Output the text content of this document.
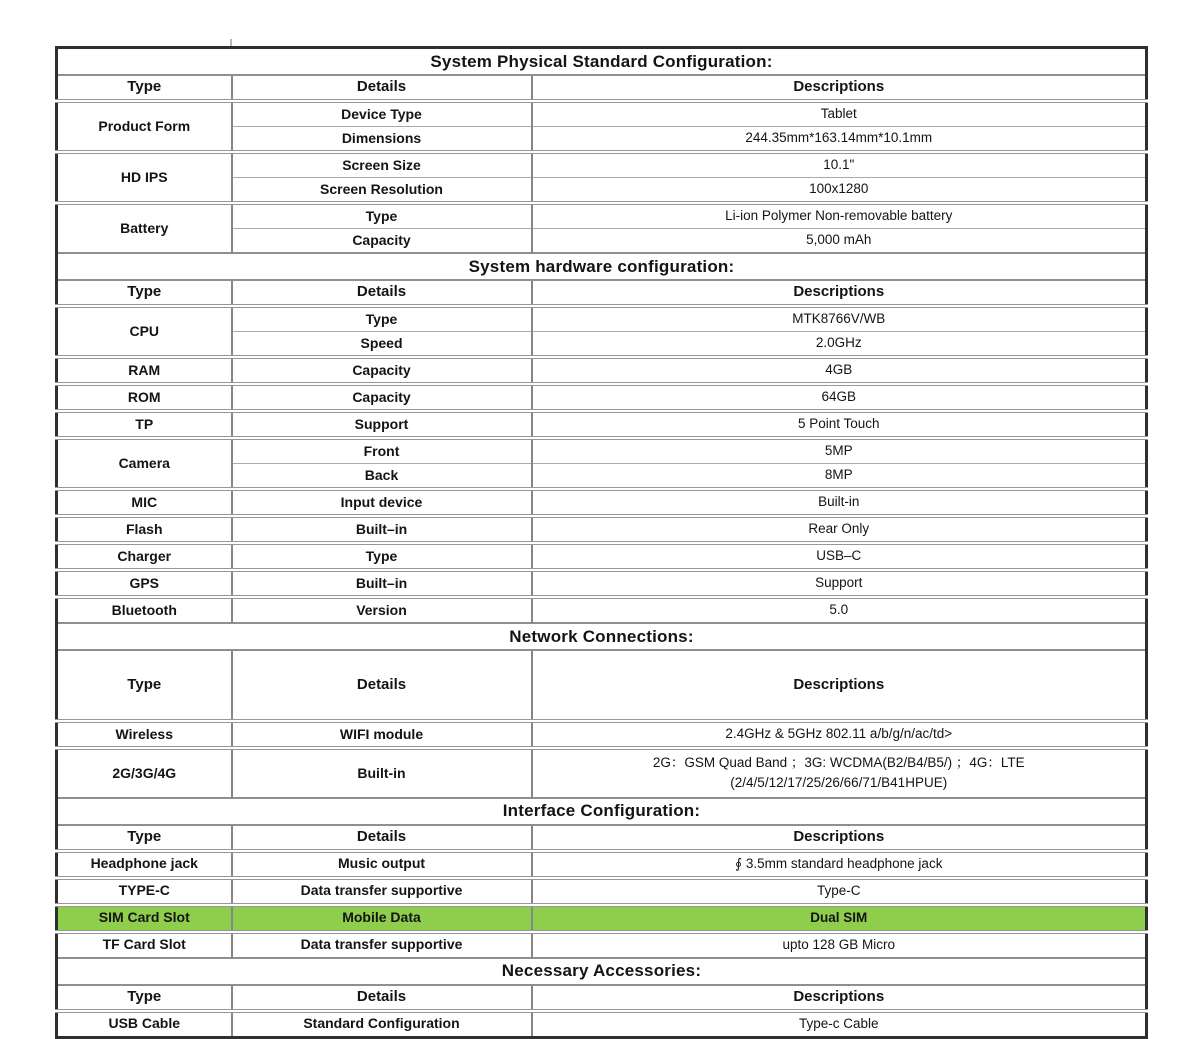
System Physical Standard Configuration:		
Type	Details	Descriptions
Product Form	Device Type	Tablet
	Dimensions	244.35mm*163.14mm*10.1mm
HD IPS	Screen Size	10.1"
	Screen Resolution	100x1280
Battery	Type	Li-ion Polymer Non-removable battery
	Capacity	5,000 mAh
System hardware configuration:		
Type	Details	Descriptions
CPU	Type	MTK8766V/WB
	Speed	2.0GHz
RAM	Capacity	4GB
ROM	Capacity	64GB
TP	Support	5 Point Touch
Camera	Front	5MP
	Back	8MP
MIC	Input device	Built-in
Flash	Built–in	Rear Only
Charger	Type	USB–C
GPS	Built–in	Support
Bluetooth	Version	5.0
Network Connections:		
Type	Details	Descriptions
Wireless	WIFI module	2.4GHz & 5GHz 802.11 a/b/g/n/ac/td>
2G/3G/4G	Built-in	2G：GSM Quad Band ；3G: WCDMA(B2/B4/B5/) ；4G：LTE
(2/4/5/12/17/25/26/66/71/B41HPUE)

Interface Configuration:		
Type	Details	Descriptions
Headphone jack	Music output	∮ 3.5mm standard headphone jack
TYPE-C	Data transfer supportive	Type-C
SIM Card Slot	Mobile Data	Dual SIM
TF Card Slot	Data transfer supportive	upto 128 GB Micro
Necessary Accessories:		
Type	Details	Descriptions
USB Cable	Standard Configuration	Type-c Cable
